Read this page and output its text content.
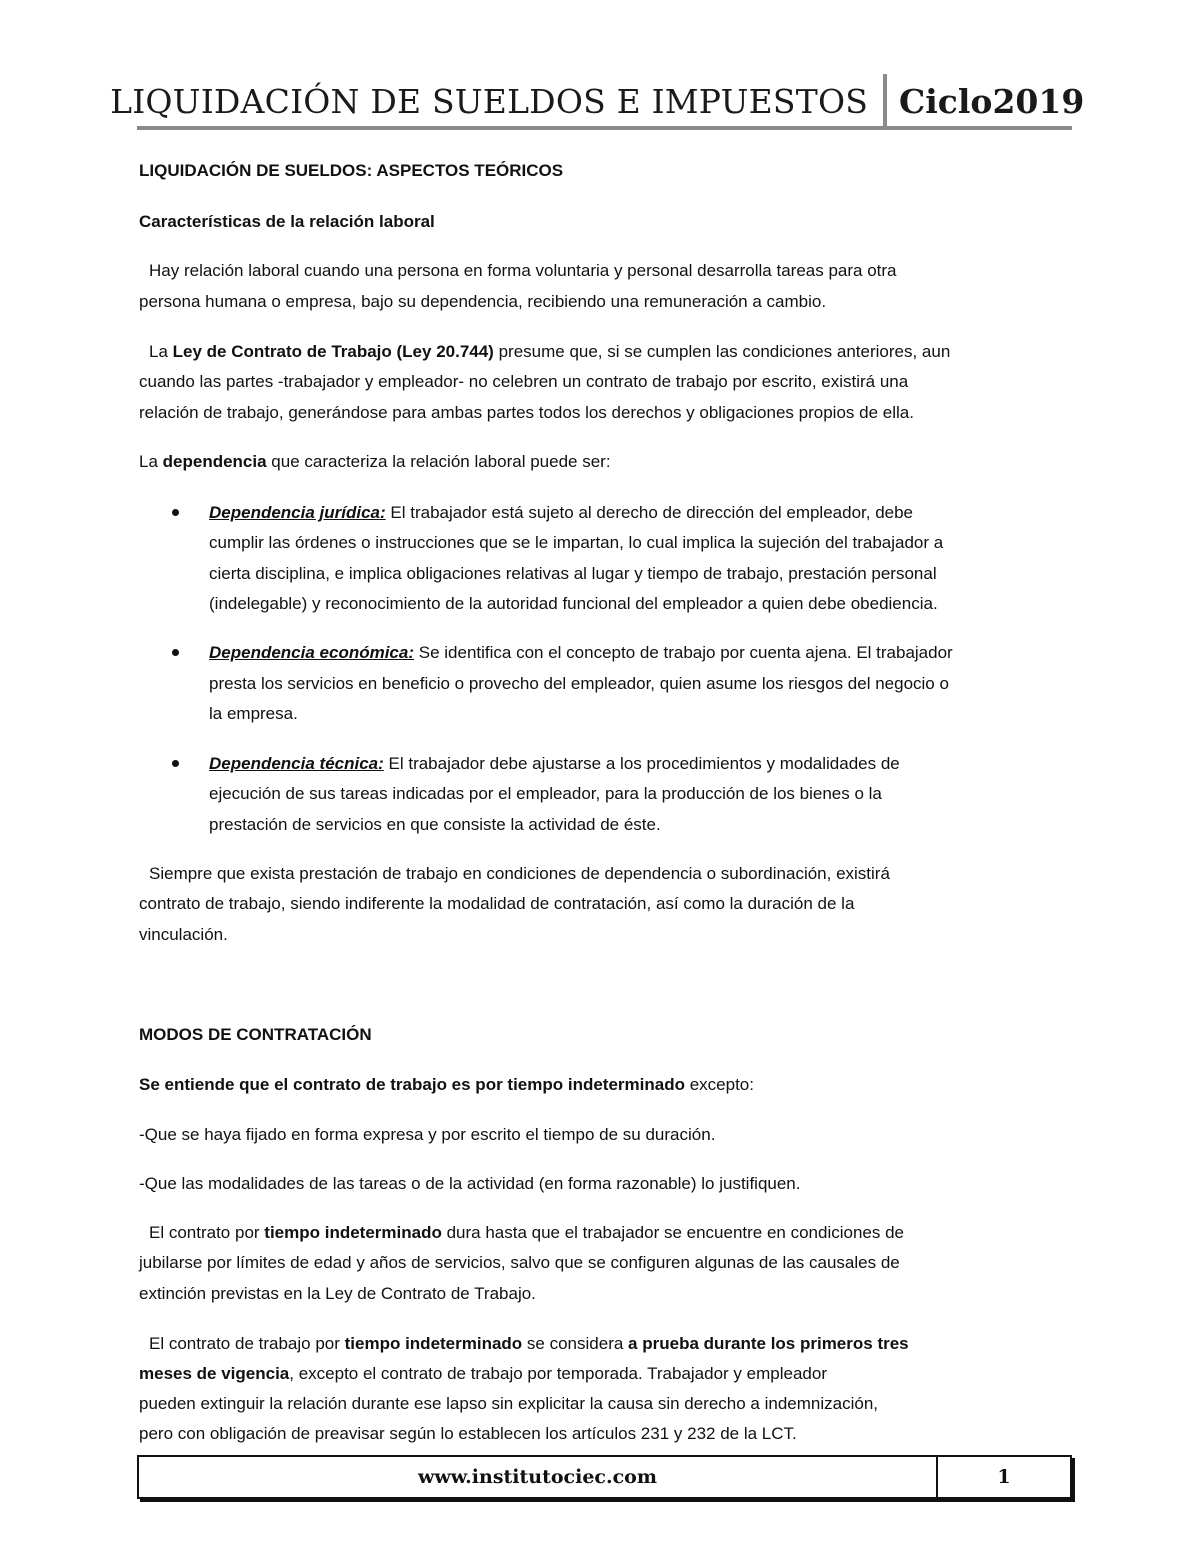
LIQUIDACIÓN DE SUELDOS E IMPUESTOS Ciclo2019
LIQUIDACIÓN DE SUELDOS: ASPECTOS TEÓRICOS
Características de la relación laboral
Hay relación laboral cuando una persona en forma voluntaria y personal desarrolla tareas para otra
persona humana o empresa, bajo su dependencia, recibiendo una remuneración a cambio.
La Ley de Contrato de Trabajo (Ley 20.744) presume que, si se cumplen las condiciones anteriores, aun
cuando las partes -trabajador y empleador- no celebren un contrato de trabajo por escrito, existirá una
relación de trabajo, generándose para ambas partes todos los derechos y obligaciones propios de ella.
La dependencia que caracteriza la relación laboral puede ser:
Dependencia jurídica: El trabajador está sujeto al derecho de dirección del empleador, debe
cumplir las órdenes o instrucciones que se le impartan, lo cual implica la sujeción del trabajador a
cierta disciplina, e implica obligaciones relativas al lugar y tiempo de trabajo, prestación personal
(indelegable) y reconocimiento de la autoridad funcional del empleador a quien debe obediencia.
Dependencia económica: Se identifica con el concepto de trabajo por cuenta ajena. El trabajador
presta los servicios en beneficio o provecho del empleador, quien asume los riesgos del negocio o
la empresa.
Dependencia técnica: El trabajador debe ajustarse a los procedimientos y modalidades de
ejecución de sus tareas indicadas por el empleador, para la producción de los bienes o la
prestación de servicios en que consiste la actividad de éste.
Siempre que exista prestación de trabajo en condiciones de dependencia o subordinación, existirá
contrato de trabajo, siendo indiferente la modalidad de contratación, así como la duración de la
vinculación.
MODOS DE CONTRATACIÓN
Se entiende que el contrato de trabajo es por tiempo indeterminado excepto:
-Que se haya fijado en forma expresa y por escrito el tiempo de su duración.
-Que las modalidades de las tareas o de la actividad (en forma razonable) lo justifiquen.
El contrato por tiempo indeterminado dura hasta que el trabajador se encuentre en condiciones de
jubilarse por límites de edad y años de servicios, salvo que se configuren algunas de las causales de
extinción previstas en la Ley de Contrato de Trabajo.
El contrato de trabajo por tiempo indeterminado se considera a prueba durante los primeros tres
meses de vigencia, excepto el contrato de trabajo por temporada. Trabajador y empleador
pueden extinguir la relación durante ese lapso sin explicitar la causa sin derecho a indemnización,
pero con obligación de preavisar según lo establecen los artículos 231 y 232 de la LCT.
www.institutociec.com	1
